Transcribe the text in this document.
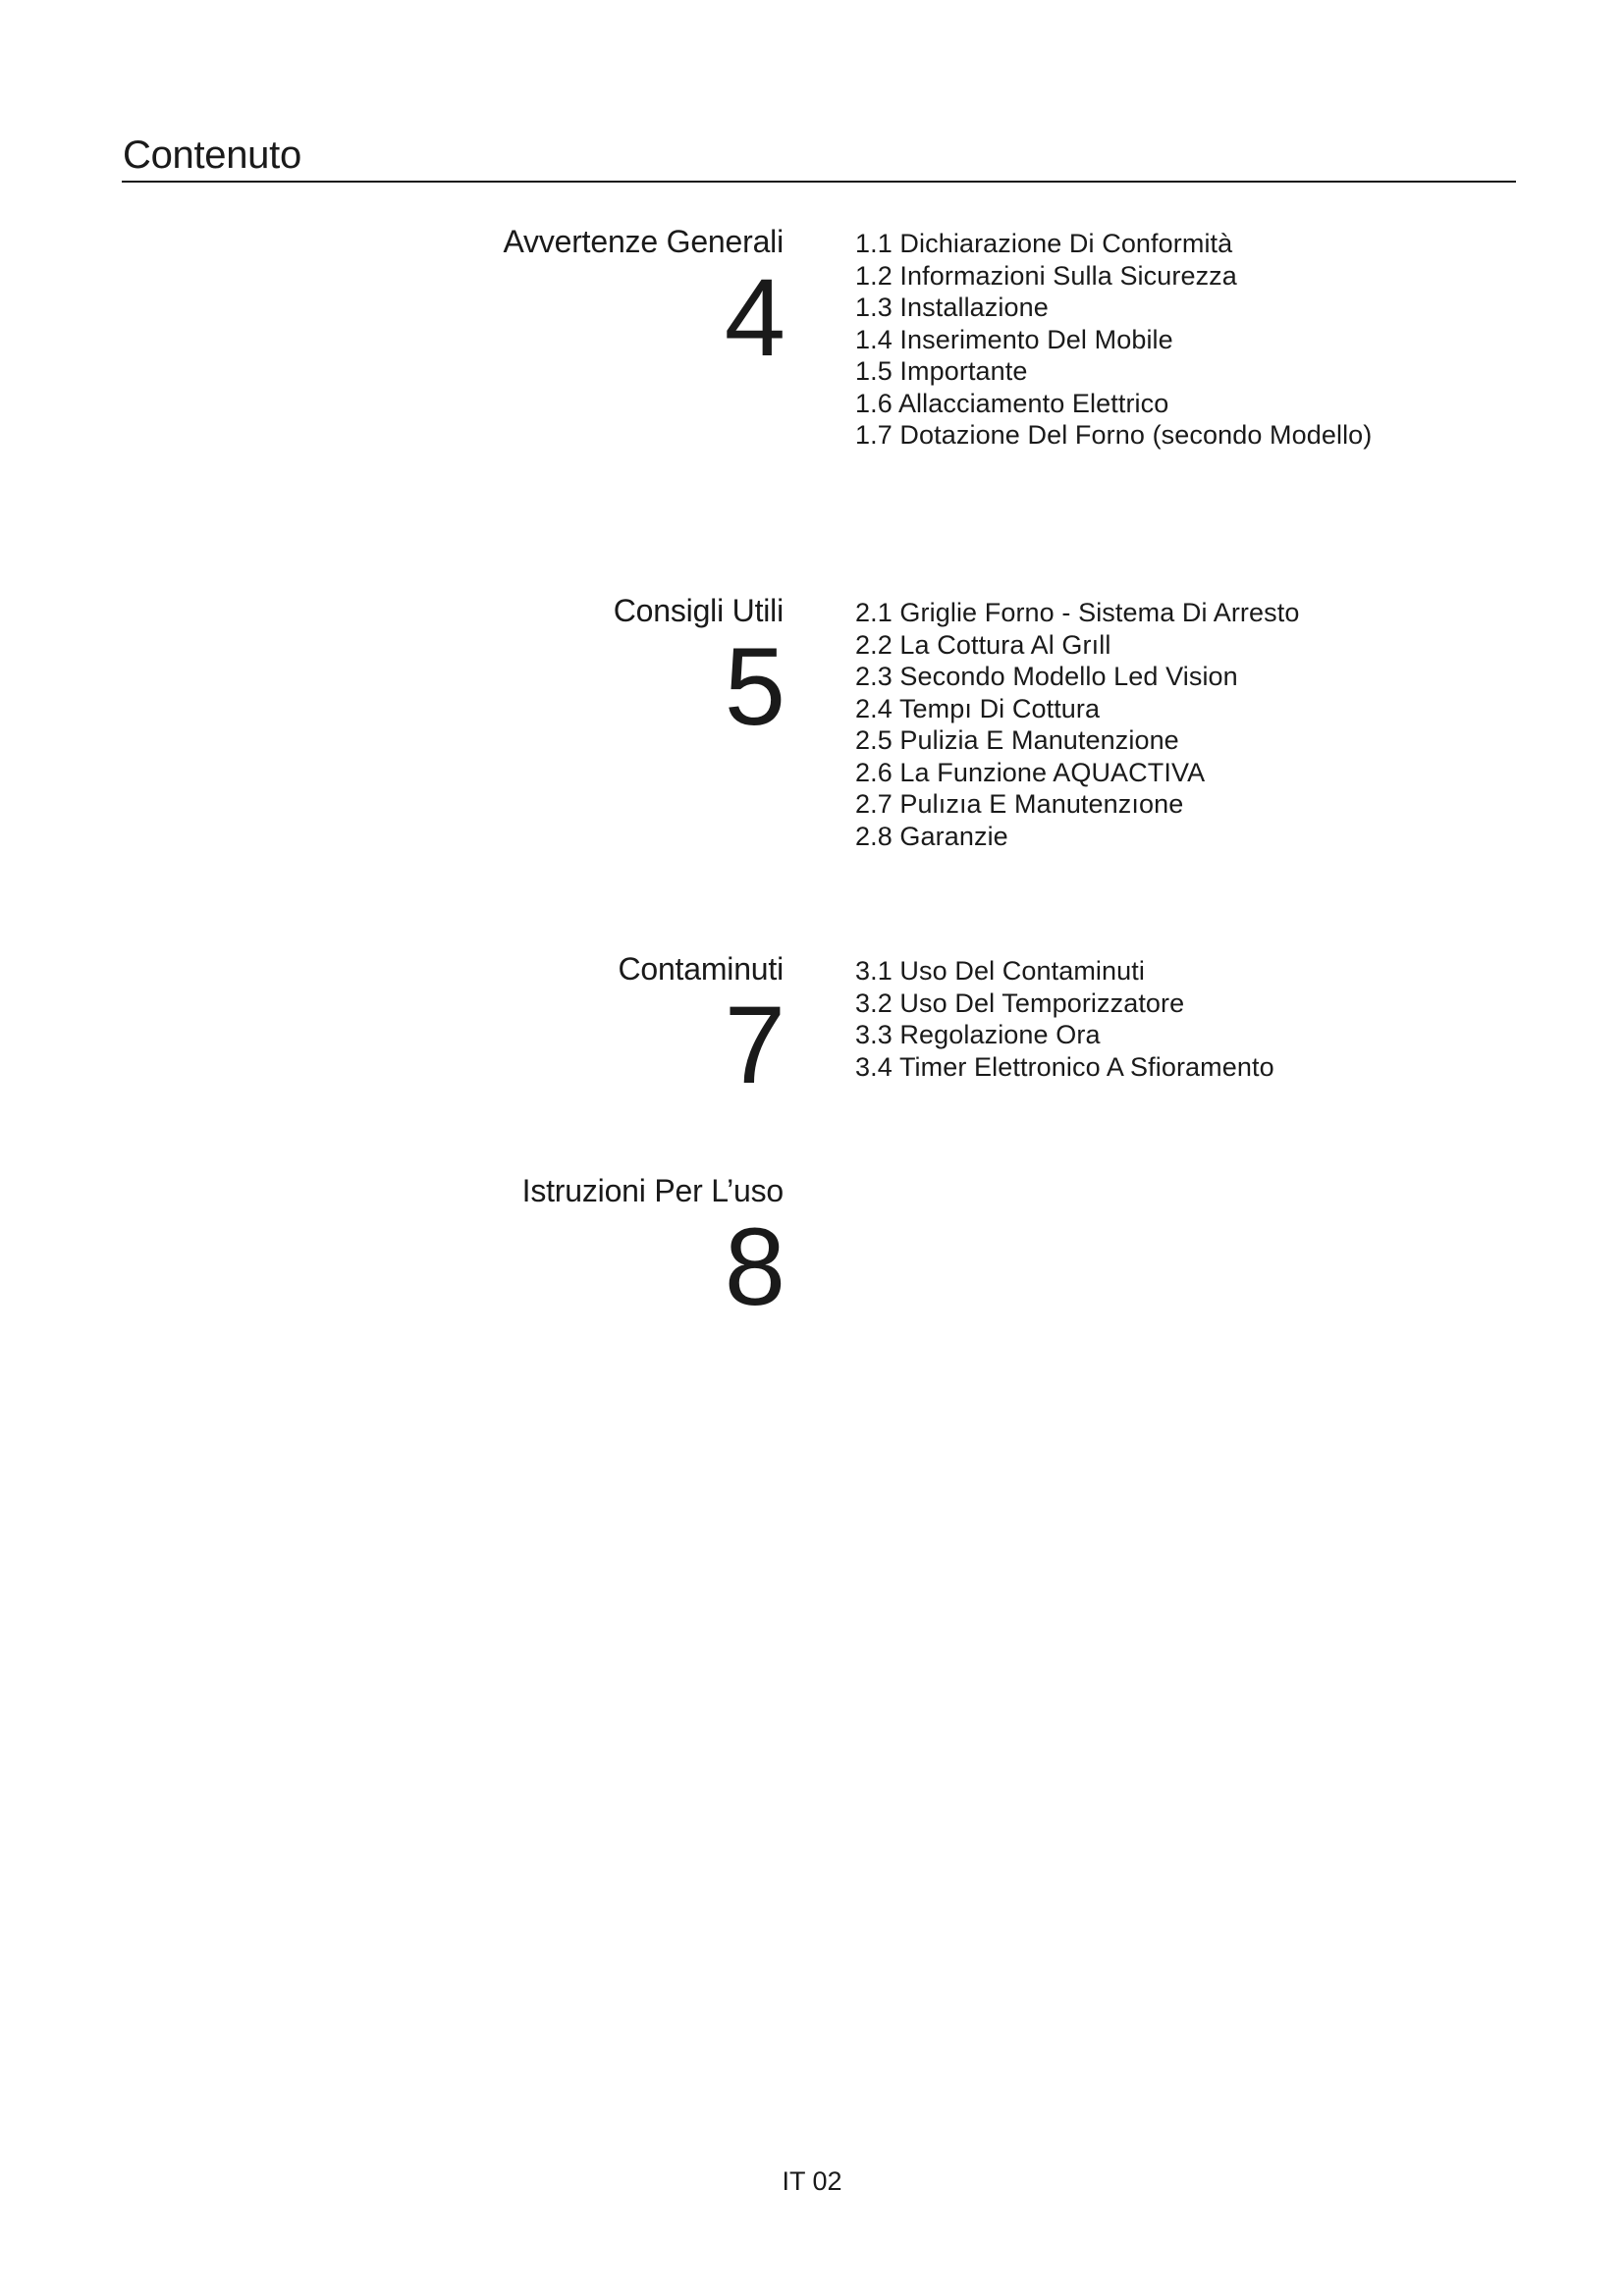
Contenuto
Avvertenze Generali
4
1.1 Dichiarazione Di Conformità
1.2 Informazioni Sulla Sicurezza
1.3 Installazione
1.4 Inserimento Del Mobile
1.5 Importante
1.6 Allacciamento Elettrico
1.7 Dotazione Del Forno (secondo Modello)
Consigli Utili
5
2.1 Griglie Forno - Sistema Di Arresto
2.2 La Cottura Al Grıll
2.3 Secondo Modello Led Vision
2.4 Tempı Di Cottura
2.5 Pulizia E Manutenzione
2.6 La Funzione AQUACTIVA
2.7 Pulızıa E Manutenzıone
2.8 Garanzie
Contaminuti
7
3.1 Uso Del Contaminuti
3.2 Uso Del Temporizzatore
3.3 Regolazione Ora
3.4 Timer Elettronico A Sfioramento
Istruzioni Per L’uso
8
IT 02
